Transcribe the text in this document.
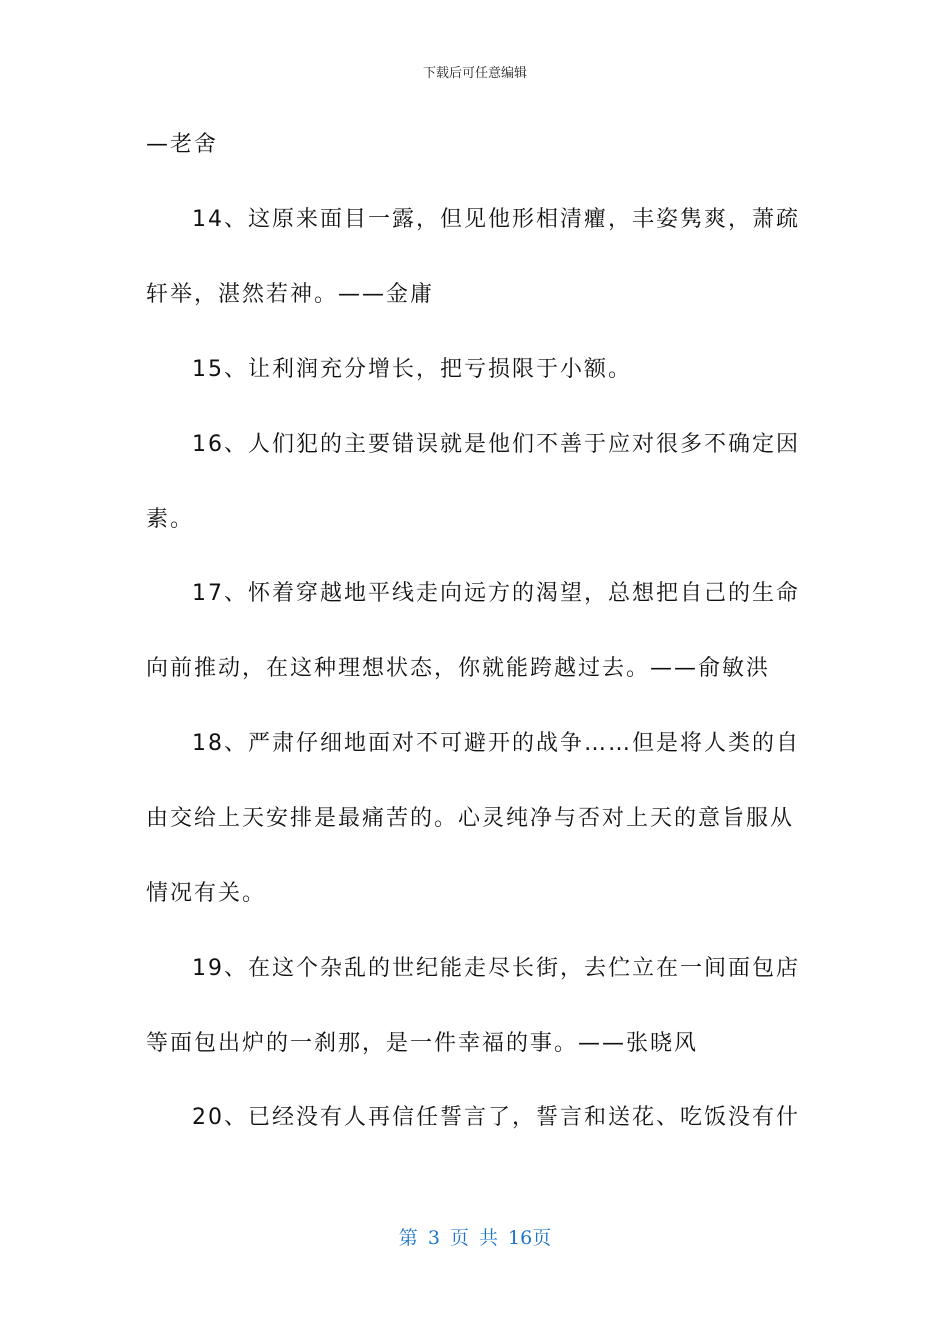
下载后可任意编辑
—老舍
14、这原来面目一露，但见他形相清癯，丰姿隽爽，萧疏
轩举，湛然若神。——金庸
15、让利润充分增长，把亏损限于小额。
16、人们犯的主要错误就是他们不善于应对很多不确定因
素。
17、怀着穿越地平线走向远方的渴望，总想把自己的生命
向前推动，在这种理想状态，你就能跨越过去。——俞敏洪
18、严肃仔细地面对不可避开的战争……但是将人类的自
由交给上天安排是最痛苦的。心灵纯净与否对上天的意旨服从
情况有关。
19、在这个杂乱的世纪能走尽长街，去伫立在一间面包店
等面包出炉的一刹那，是一件幸福的事。——张晓风
20、已经没有人再信任誓言了，誓言和送花、吃饭没有什
第 3 页 共 16页
